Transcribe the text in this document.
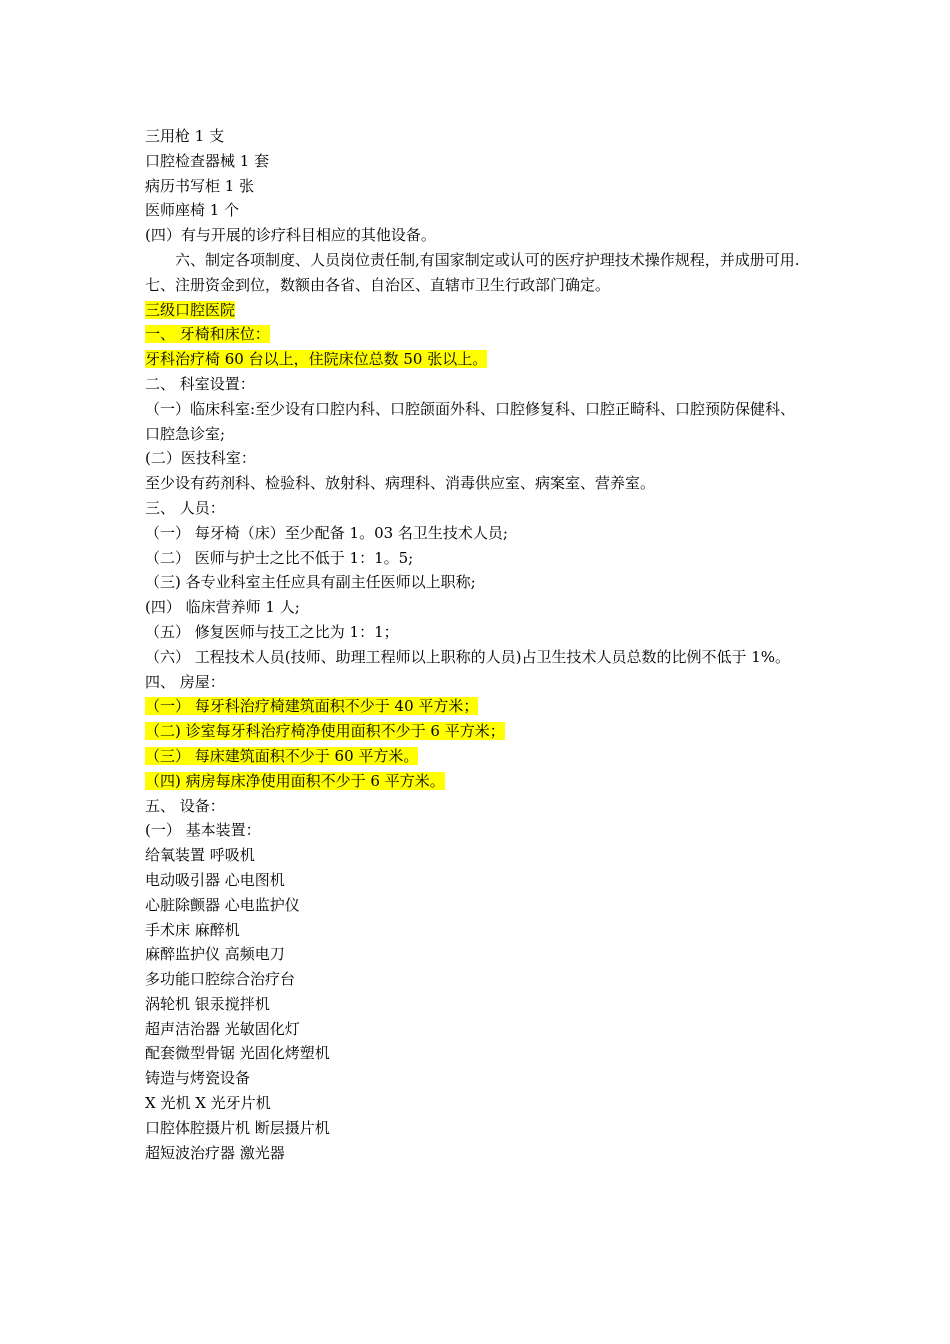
三用枪 1 支
口腔检查器械 1 套
病历书写柜 1 张
医师座椅 1 个
(四）有与开展的诊疗科目相应的其他设备。
六、制定各项制度、人员岗位责任制,有国家制定或认可的医疗护理技术操作规程，并成册可用.
七、注册资金到位，数额由各省、自治区、直辖市卫生行政部门确定。
三级口腔医院
一、 牙椅和床位：
牙科治疗椅 60 台以上，住院床位总数 50 张以上。
二、 科室设置：
（一）临床科室:至少设有口腔内科、口腔颌面外科、口腔修复科、口腔正畸科、口腔预防保健科、口腔急诊室;
(二）医技科室：
至少设有药剂科、检验科、放射科、病理科、消毒供应室、病案室、营养室。
三、 人员：
（一） 每牙椅（床）至少配备 1。03 名卫生技术人员;
（二） 医师与护士之比不低于 1：1。5;
（三) 各专业科室主任应具有副主任医师以上职称;
(四） 临床营养师 1 人;
（五） 修复医师与技工之比为 1：1；
（六） 工程技术人员(技师、助理工程师以上职称的人员)占卫生技术人员总数的比例不低于 1%。
四、 房屋：
（一） 每牙科治疗椅建筑面积不少于 40 平方米；
（二) 诊室每牙科治疗椅净使用面积不少于 6 平方米；
（三） 每床建筑面积不少于 60 平方米。
（四) 病房每床净使用面积不少于 6 平方米。
五、 设备：
(一） 基本装置：
给氧装置 呼吸机
电动吸引器 心电图机
心脏除颤器 心电监护仪
手术床 麻醉机
麻醉监护仪 高频电刀
多功能口腔综合治疗台
涡轮机 银汞搅拌机
超声洁治器 光敏固化灯
配套微型骨锯 光固化烤塑机
铸造与烤瓷设备
X 光机 X 光牙片机
口腔体腔摄片机 断层摄片机
超短波治疗器 激光器
